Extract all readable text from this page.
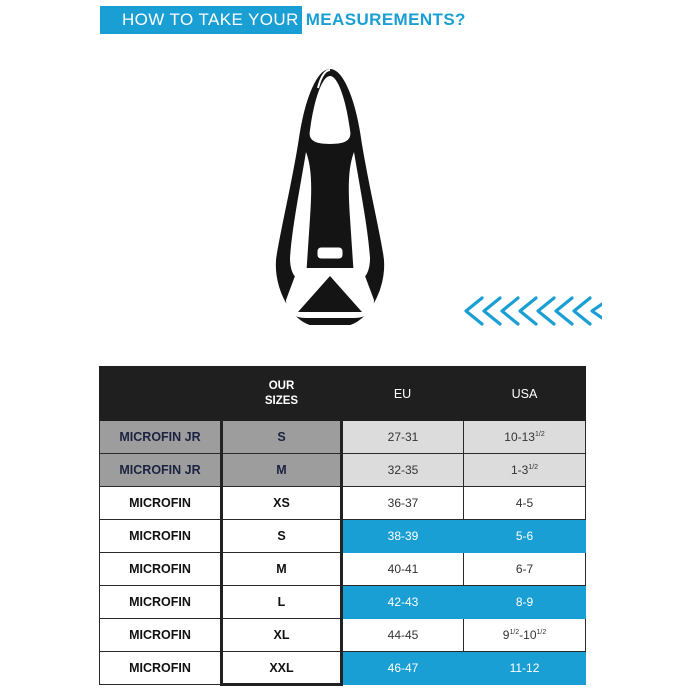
HOW TO TAKE YOUR MEASUREMENTS?
	OUR
SIZES	EU	USA
MICROFIN JR	S	27-31	$10-13^{1/2}$
MICROFIN JR	M	32-35	$1-3^{1/2}$
MICROFIN	XS	36-37	4-5
MICROFIN	S	38-39	5-6
MICROFIN	M	40-41	6-7
MICROFIN	L	42-43	8-9
MICROFIN	XL	44-45	$9^{1/2}-10^{1/2}$
MICROFIN	XXL	46-47	11-12
